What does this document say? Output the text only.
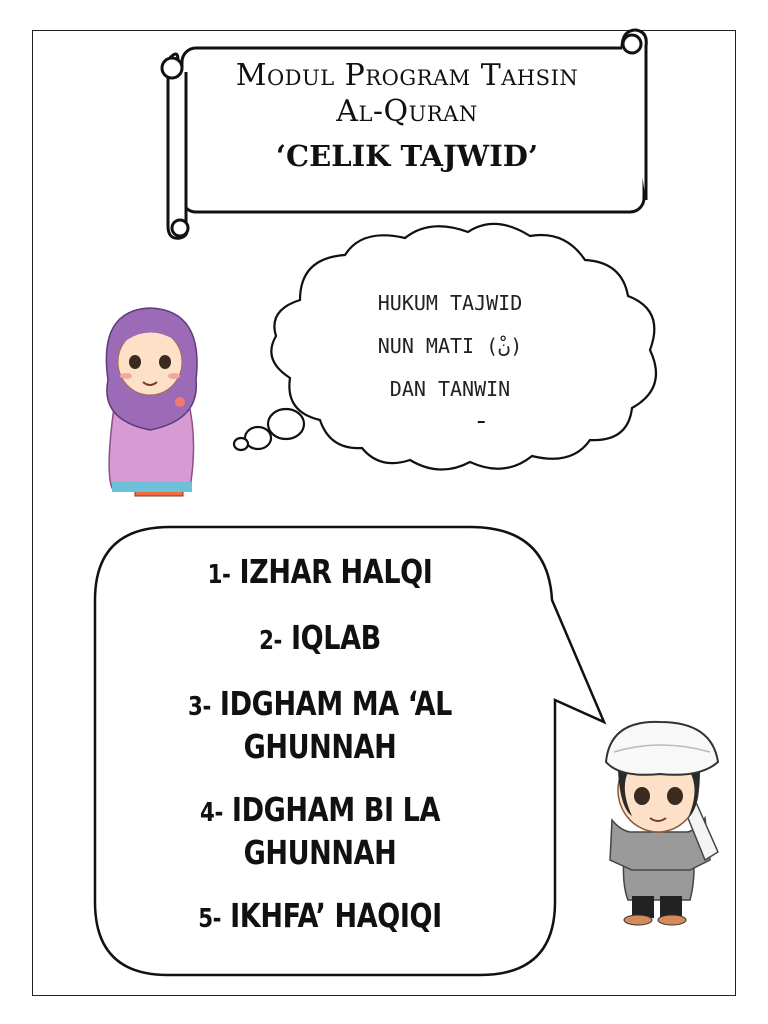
Modul Program Tahsin
Al-Quran
‘CELIK TAJWID’
HUKUM TAJWID
NUN MATI (نْ)
DAN TANWIN
ـ
1- IZHAR HALQI
2- IQLAB
3- IDGHAM MA ‘AL GHUNNAH
4- IDGHAM BI LA GHUNNAH
5- IKHFA’ HAQIQI
